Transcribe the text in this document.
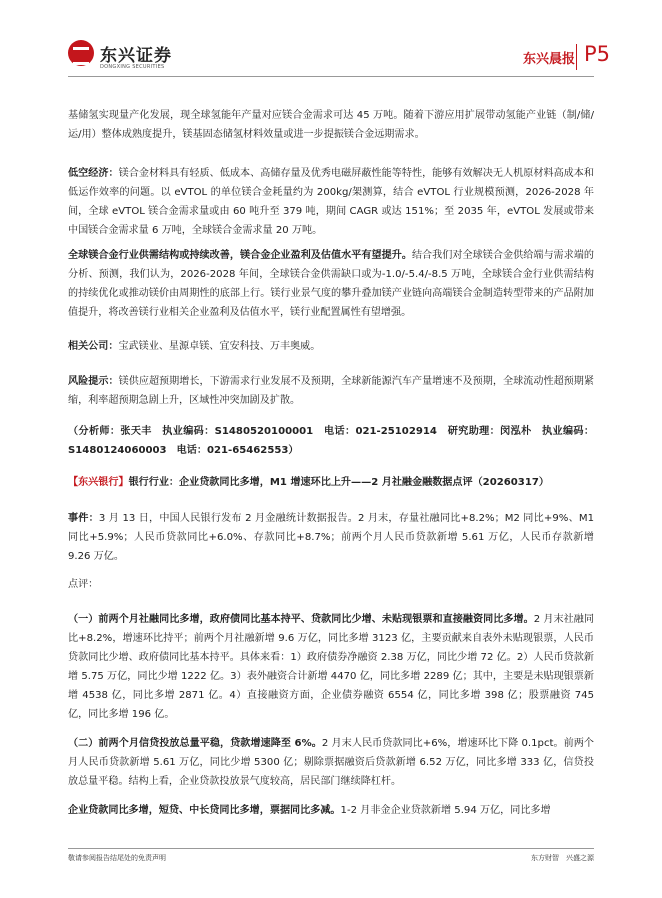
东兴证券
DONGXING SECURITIES	东兴晨报 P5
基储氢实现量产化发展，现全球氢能年产量对应镁合金需求可达 45 万吨。随着下游应用扩展带动氢能产业链（制/储/运/用）整体成熟度提升，镁基固态储氢材料效量或进一步提振镁合金远期需求。
低空经济：镁合金材料具有轻质、低成本、高储存量及优秀电磁屏蔽性能等特性，能够有效解决无人机原材料高成本和低运作效率的问题。以 eVTOL 的单位镁合金耗量约为 200kg/架测算，结合 eVTOL 行业规模预测，2026-2028 年间，全球 eVTOL 镁合金需求量或由 60 吨升至 379 吨，期间 CAGR 或达 151%；至 2035 年，eVTOL 发展或带来中国镁合金需求量 6 万吨，全球镁合金需求量 20 万吨。
全球镁合金行业供需结构或持续改善，镁合金企业盈利及估值水平有望提升。结合我们对全球镁合金供给端与需求端的分析、预测，我们认为，2026-2028 年间，全球镁合金供需缺口或为-1.0/-5.4/-8.5 万吨，全球镁合金行业供需结构的持续优化或推动镁价由周期性的底部上行。镁行业景气度的攀升叠加镁产业链向高端镁合金制造转型带来的产品附加值提升，将改善镁行业相关企业盈利及估值水平，镁行业配置属性有望增强。
相关公司：宝武镁业、星源卓镁、宜安科技、万丰奥威。
风险提示：镁供应超预期增长，下游需求行业发展不及预期，全球新能源汽车产量增速不及预期，全球流动性超预期紧缩，利率超预期急剧上升，区域性冲突加剧及扩散。
（分析师：张天丰　执业编码：S1480520100001　电话：021-25102914　研究助理：闵泓朴　执业编码：S1480124060003　电话：021-65462553）
【东兴银行】银行行业：企业贷款同比多增，M1 增速环比上升——2 月社融金融数据点评（20260317）
事件：3 月 13 日，中国人民银行发布 2 月金融统计数据报告。2 月末，存量社融同比+8.2%；M2 同比+9%、M1 同比+5.9%；人民币贷款同比+6.0%、存款同比+8.7%；前两个月人民币贷款新增 5.61 万亿，人民币存款新增 9.26 万亿。
点评：
（一）前两个月社融同比多增，政府债同比基本持平、贷款同比少增、未贴现银票和直接融资同比多增。2 月末社融同比+8.2%，增速环比持平；前两个月社融新增 9.6 万亿，同比多增 3123 亿，主要贡献来自表外未贴现银票，人民币贷款同比少增、政府债同比基本持平。具体来看：1）政府债券净融资 2.38 万亿，同比少增 72 亿。2）人民币贷款新增 5.75 万亿，同比少增 1222 亿。3）表外融资合计新增 4470 亿，同比多增 2289 亿；其中，主要是未贴现银票新增 4538 亿，同比多增 2871 亿。4）直接融资方面，企业债券融资 6554 亿，同比多增 398 亿；股票融资 745 亿，同比多增 196 亿。
（二）前两个月信贷投放总量平稳，贷款增速降至 6%。2 月末人民币贷款同比+6%，增速环比下降 0.1pct。前两个月人民币贷款新增 5.61 万亿，同比少增 5300 亿；剔除票据融资后贷款新增 6.52 万亿，同比多增 333 亿，信贷投放总量平稳。结构上看，企业贷款投放景气度较高，居民部门继续降杠杆。
企业贷款同比多增，短贷、中长贷同比多增，票据同比多减。1-2 月非金企业贷款新增 5.94 万亿，同比多增
敬请参阅报告结尾处的免责声明	东方财智　兴盛之源
